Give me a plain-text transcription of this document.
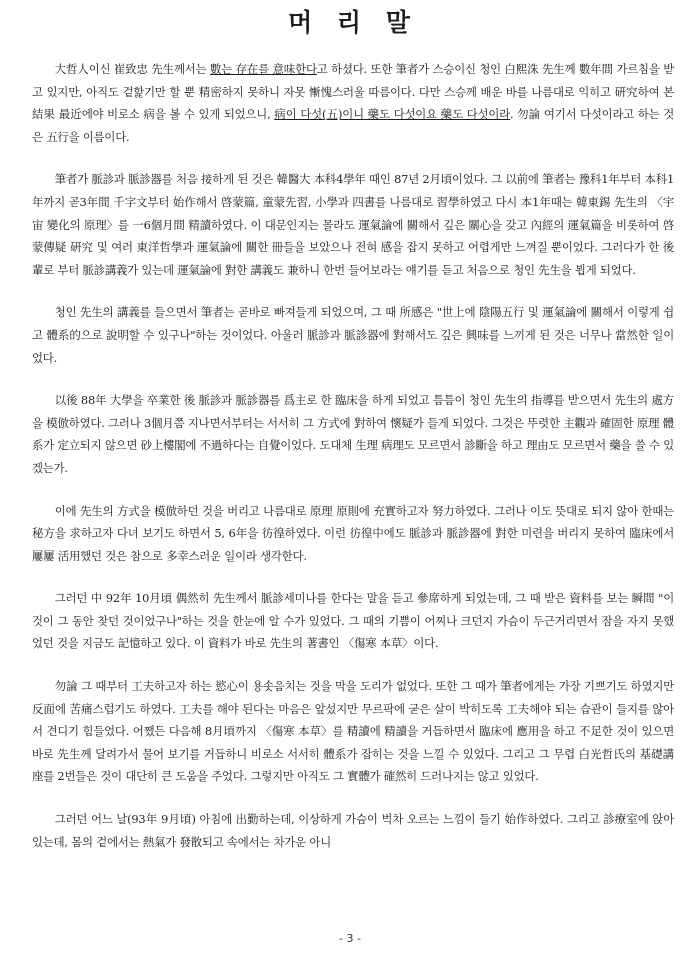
머 리 말

大哲人이신 崔致忠 先生께서는 數는 存在를 意味한다고 하셨다. 또한 筆者가 스승이신 청인 白熙洙 先生께 數年間 가르침을 받고 있지만, 아직도 겉핥기만 할 뿐 精密하지 못하니 자못 慚愧스러울 따름이다. 다만 스승께 배운 바를 나름대로 익히고 硏究하여 본 結果 最近에야 비로소 病을 볼 수 있게 되었으니, 病이 다섯(五)이니 藥도 다섯이요 藥도 다섯이라. 勿論 여기서 다섯이라고 하는 것은 五行을 이름이다.

筆者가 脈診과 脈診器를 처음 接하게 된 것은 韓醫大 本科4學年 때인 87년 2月頃이었다. 그 以前에 筆者는 豫科1年부터 本科1年까지 곧3年間 千字文부터 始作해서 啓蒙篇, 童蒙先習, 小學과 四書를 나름대로 習學하였고 다시 本1年때는 韓東錫 先生의 〈宇宙 變化의 原理〉를 一6個月間 精讀하였다. 이 대문인지는 몰라도 運氣論에 關해서 깊은 關心을 갖고 內經의 運氣篇을 비롯하여 啓蒙傳疑 硏究 및 여러 東洋哲學과 運氣論에 關한 冊들을 보았으나 전혀 感을 잡지 못하고 어렵게만 느껴질 뿐이었다. 그러다가 한 後輩로 부터 脈診講義가 있는데 運氣論에 對한 講義도 兼하니 한번 들어보라는 얘기를 듣고 처음으로 청인 先生을 뵙게 되었다.

청인 先生의 講義를 들으면서 筆者는 곧바로 빠져들게 되었으며, 그 때 所感은 "世上에 陰陽五行 및 運氣論에 關해서 이렇게 쉽고 體系的으로 說明할 수 있구나"하는 것이었다. 아울러 脈診과 脈診器에 對해서도 깊은 興味를 느끼게 된 것은 너무나 當然한 일이었다.

以後 88年 大學을 卒業한 後 脈診과 脈診器를 爲主로 한 臨床을 하게 되었고 틈틈이 청인 先生의 指導를 받으면서 先生의 處方을 模倣하였다. 그러나 3個月쯤 지나면서부터는 서서히 그 方式에 對하여 懷疑가 들게 되었다. 그것은 뚜렷한 主觀과 確固한 原理 體系가 定立되지 않으면 砂上樓閣에 不過하다는 自覺이었다. 도대체 生理 病理도 모르면서 診斷을 하고 理由도 모르면서 藥을 쓸 수 있겠는가.

이에 先生의 方式을 模倣하던 것을 버리고 나름대로 原理 原則에 充實하고자 努力하였다. 그러나 이도 뜻대로 되지 않아 한때는 秘方을 求하고자 다녀 보기도 하면서 5, 6年을 彷徨하였다. 이런 彷徨中에도 脈診과 脈診器에 對한 미련을 버리지 못하여 臨床에서 屢屢 活用했던 것은 참으로 多幸스러운 일이라 생각한다.

그러던 中 92年 10月頃 偶然히 先生께서 脈診세미나를 한다는 말을 듣고 參席하게 되었는데, 그 때 받은 資料를 보는 瞬間 "이것이 그 동안 찾던 것이었구나"하는 것을 한눈에 알 수가 있었다. 그 때의 기쁨이 어찌나 크던지 가슴이 두근거리면서 잠을 자지 못했었던 것을 지금도 記憶하고 있다. 이 資料가 바로 先生의 著書인 〈傷寒 本草〉이다.

勿論 그 때부터 工夫하고자 하는 慾心이 용솟음치는 것을 막을 도리가 없었다. 또한 그 때가 筆者에게는 가장 기쁘기도 하였지만 反面에 苦痛스럽기도 하였다. 工夫를 해야 된다는 마음은 앞섰지만 무르팍에 굳은 살이 박히도록 工夫해야 되는 습관이 들지를 않아서 견디기 힘들었다. 어쨌든 다음해 8月頃까지 〈傷寒 本草〉를 精讀에 精讀을 거듭하면서 臨床에 應用을 하고 不足한 것이 있으면 바로 先生께 달려가서 물어 보기를 거듭하니 비로소 서서히 體系가 잡히는 것을 느낄 수 있었다. 그리고 그 무렵 白光哲氏의 基礎講座를 2번들은 것이 대단히 큰 도움을 주었다. 그렇지만 아직도 그 實體가 確然히 드러나지는 않고 있었다.

그러던 어느 날(93年 9月頃) 아침에 出勤하는데, 이상하게 가슴이 벅차 오르는 느낌이 들기 始作하였다. 그리고 診療室에 앉아 있는데, 몸의 겉에서는 熱氣가 發散되고 속에서는 차가운 아니

- 3 -
